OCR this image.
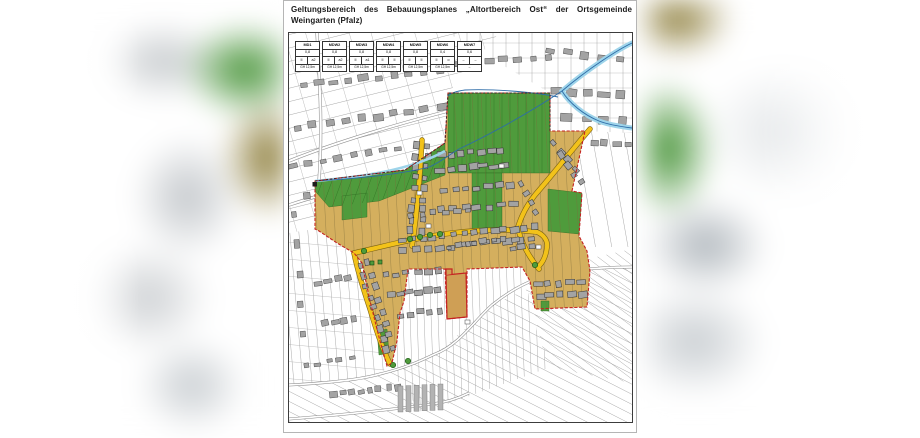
Geltungsbereich des Bebauungsplanes „Altortbereich Ost“ der Ortsgemeinde
Weingarten (Pfalz)
MD1
0,8
II	a2
GH 12,5m
MDW2
0,8
II	a2
GH 12,5m
MDW3
0,8
II	a1
GH 12,5m
MDW4
0,8
II	II
GH 12,5m
MDW5
0,8
II	II
GH 12,5m
MDW6
0,4
II	o
GH 12,5m
MDW7
0,6
–	–
–
